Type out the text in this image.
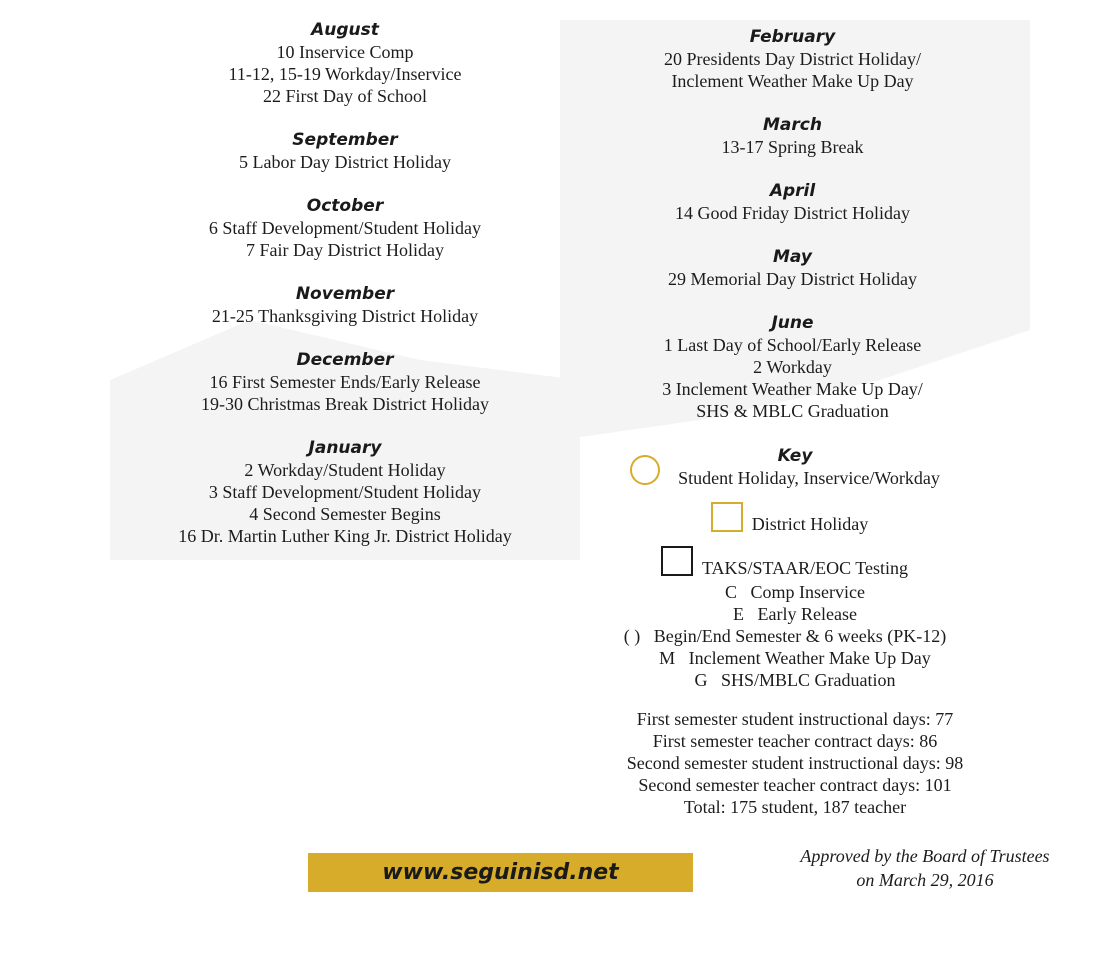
August
10 Inservice Comp
11-12, 15-19 Workday/Inservice
22 First Day of School
September
5 Labor Day District Holiday
October
6 Staff Development/Student Holiday
7 Fair Day District Holiday
November
21-25 Thanksgiving District Holiday
December
16 First Semester Ends/Early Release
19-30 Christmas Break District Holiday
January
2 Workday/Student Holiday
3 Staff Development/Student Holiday
4 Second Semester Begins
16 Dr. Martin Luther King Jr. District Holiday
February
20 Presidents Day District Holiday/
Inclement Weather Make Up Day
March
13-17 Spring Break
April
14 Good Friday District Holiday
May
29 Memorial Day District Holiday
June
1 Last Day of School/Early Release
2 Workday
3 Inclement Weather Make Up Day/
SHS & MBLC Graduation
Key
Student Holiday, Inservice/Workday
District Holiday
TAKS/STAAR/EOC Testing
C   Comp Inservice
E   Early Release
( )   Begin/End Semester & 6 weeks (PK-12)
M   Inclement Weather Make Up Day
G   SHS/MBLC Graduation
First semester student instructional days: 77
First semester teacher contract days: 86
Second semester student instructional days: 98
Second semester teacher contract days: 101
Total: 175 student, 187 teacher
www.seguinisd.net
Approved by the Board of Trustees
on March 29, 2016
